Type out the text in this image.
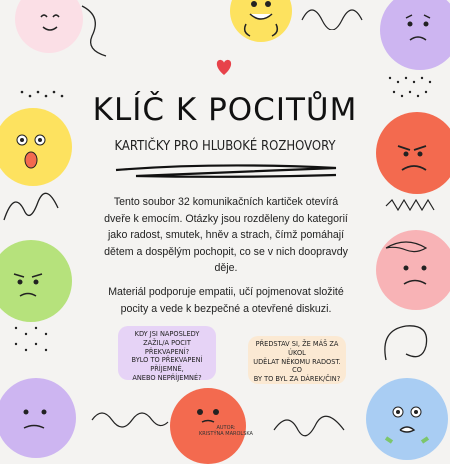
KLÍČ K POCITŮM
KARTIČKY PRO HLUBOKÉ ROZHOVORY
Tento soubor 32 komunikačních kartiček otevírá dveře k emocím. Otázky jsou rozděleny do kategorií jako radost, smutek, hněv a strach, čímž pomáhají dětem a dospělým pochopit, co se v nich doopravdy děje.
Materiál podporuje empatii, učí pojmenovat složité pocity a vede k bezpečné a otevřené diskuzi.
KDY JSI NAPOSLEDY ZAŽIL/A POCIT
PŘEKVAPENÍ?
BYLO TO PŘEKVAPENÍ PŘÍJEMNÉ,
ANEBO NEPŘÍJEMNÉ?
PŘEDSTAV SI, ŽE MÁŠ ZA ÚKOL
UDĚLAT NĚKOMU RADOST. CO
BY TO BYL ZA DÁREK/ČIN?
AUTOR:
KRISTÝNA MAROLSKA
